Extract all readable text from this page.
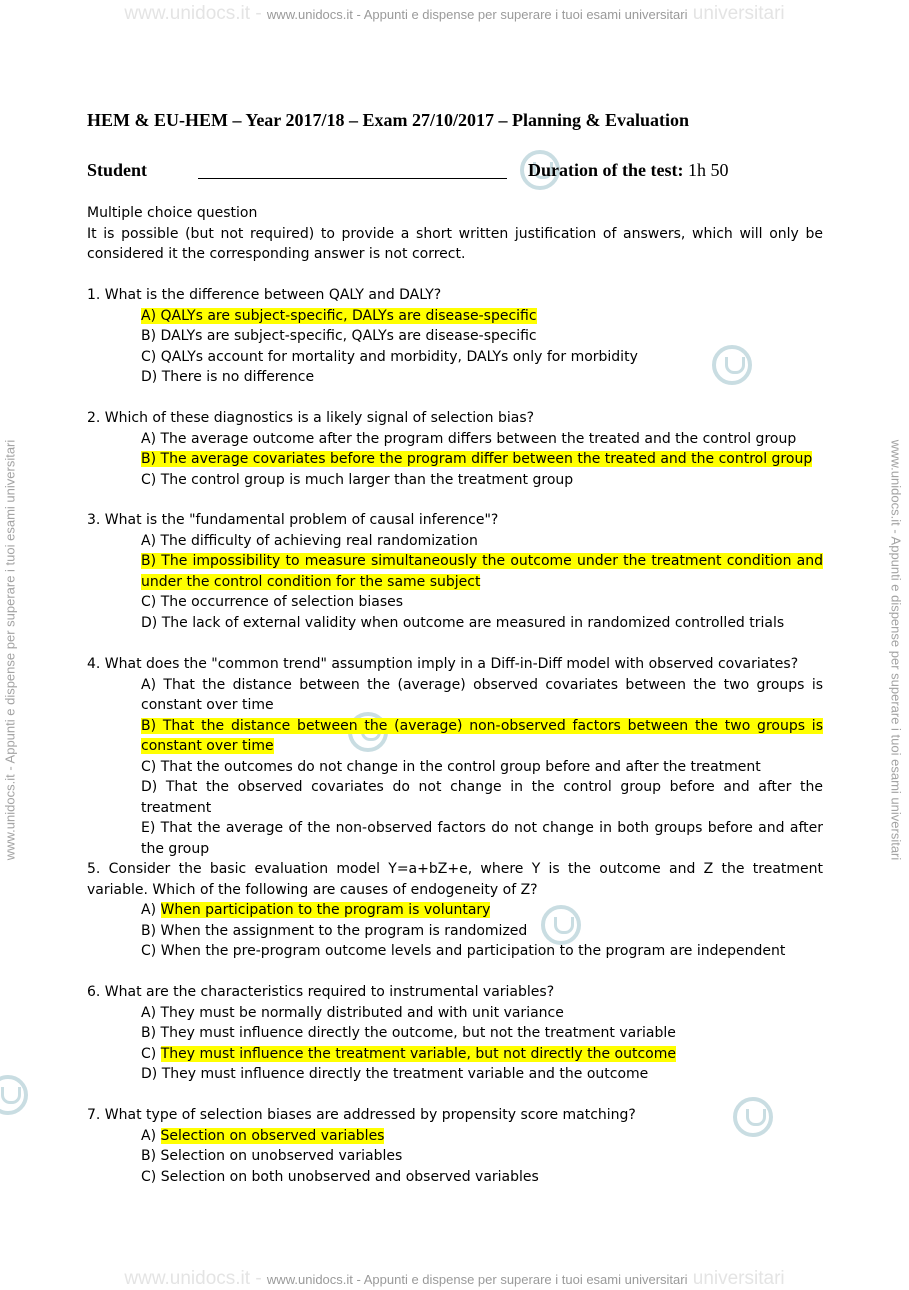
www.unidocs.it - www.unidocs.it - Appunti e dispense per superare i tuoi esami universitari universitari
www.unidocs.it - www.unidocs.it - Appunti e dispense per superare i tuoi esami universitari universitari
www.unidocs.it - Appunti e dispense per superare i tuoi esami universitari	www.unidocs.it - Appunti e dispense per superare i tuoi esami universitari
HEM & EU-HEM – Year 2017/18 – Exam 27/10/2017 – Planning & Evaluation
Student	Duration of the test: 1h 50
Multiple choice question
It is possible (but not required) to provide a short written justification of answers, which will only be considered it the corresponding answer is not correct.
1. What is the difference between QALY and DALY?
A) QALYs are subject-specific, DALYs are disease-specific
B) DALYs are subject-specific, QALYs are disease-specific
C) QALYs account for mortality and morbidity, DALYs only for morbidity
D) There is no difference
2. Which of these diagnostics is a likely signal of selection bias?
A) The average outcome after the program differs between the treated and the control group
B) The average covariates before the program differ between the treated and the control group
C) The control group is much larger than the treatment group
3. What is the "fundamental problem of causal inference"?
A) The difficulty of achieving real randomization
B) The impossibility to measure simultaneously the outcome under the treatment condition and under the control condition for the same subject
C) The occurrence of selection biases
D) The lack of external validity when outcome are measured in randomized controlled trials
4. What does the "common trend" assumption imply in a Diff-in-Diff model with observed covariates?
A) That the distance between the (average) observed covariates between the two groups is constant over time
B) That the distance between the (average) non-observed factors between the two groups is constant over time
C) That the outcomes do not change in the control group before and after the treatment
D) That the observed covariates do not change in the control group before and after the treatment
E) That the average of the non-observed factors do not change in both groups before and after the group
5. Consider the basic evaluation model Y=a+bZ+e, where Y is the outcome and Z the treatment variable. Which of the following are causes of endogeneity of Z?
A) When participation to the program is voluntary
B) When the assignment to the program is randomized
C) When the pre-program outcome levels and participation to the program are independent
6. What are the characteristics required to instrumental variables?
A) They must be normally distributed and with unit variance
B) They must influence directly the outcome, but not the treatment variable
C) They must influence the treatment variable, but not directly the outcome
D) They must influence directly the treatment variable and the outcome
7. What type of selection biases are addressed by propensity score matching?
A) Selection on observed variables
B) Selection on unobserved variables
C) Selection on both unobserved and observed variables
